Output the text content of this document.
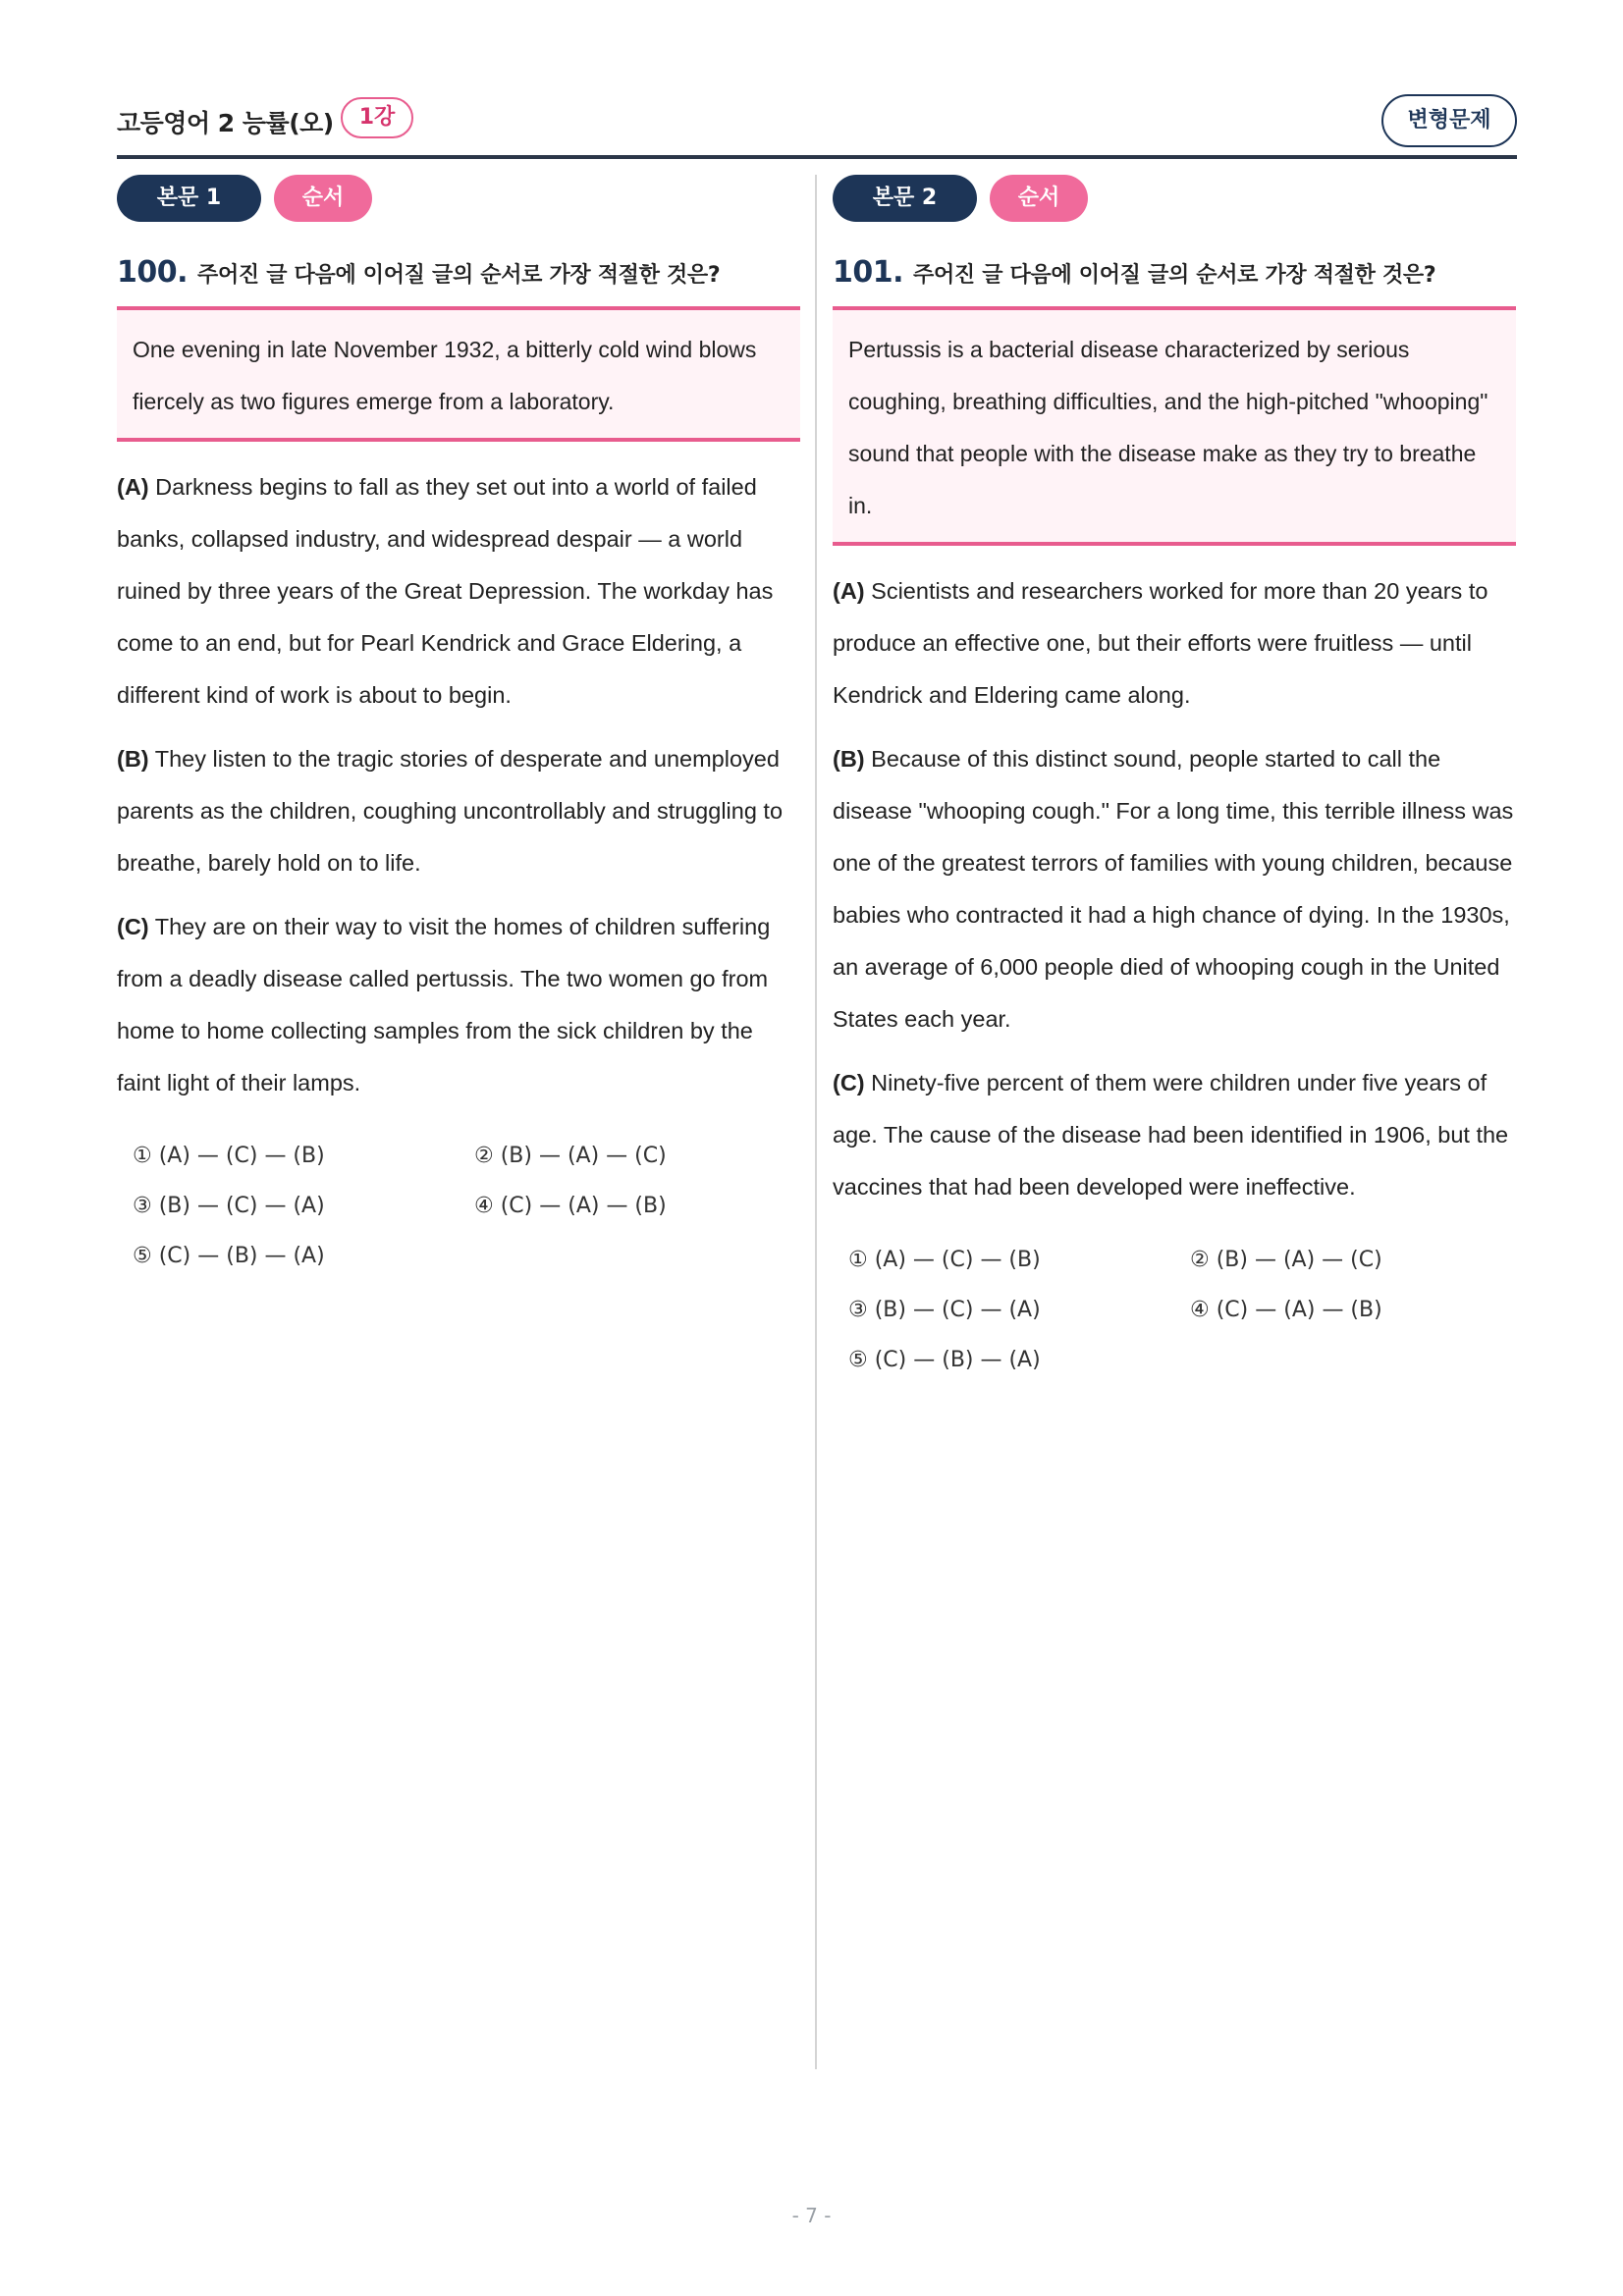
고등영어 2 능률(오)	1강	변형문제
본문 1	순서
100. 주어진 글 다음에 이어질 글의 순서로 가장 적절한 것은?
One evening in late November 1932, a bitterly cold wind blows fiercely as two figures emerge from a laboratory.

(A) Darkness begins to fall as they set out into a world of failed banks, collapsed industry, and widespread despair — a world ruined by three years of the Great Depression. The workday has come to an end, but for Pearl Kendrick and Grace Eldering, a different kind of work is about to begin.

(B) They listen to the tragic stories of desperate and unemployed parents as the children, coughing uncontrollably and struggling to breathe, barely hold on to life.

(C) They are on their way to visit the homes of children suffering from a deadly disease called pertussis. The two women go from home to home collecting samples from the sick children by the faint light of their lamps.

① (A) — (C) — (B)	② (B) — (A) — (C)
③ (B) — (C) — (A)	④ (C) — (A) — (B)
⑤ (C) — (B) — (A)
본문 2	순서
101. 주어진 글 다음에 이어질 글의 순서로 가장 적절한 것은?
Pertussis is a bacterial disease characterized by serious coughing, breathing difficulties, and the high-pitched "whooping" sound that people with the disease make as they try to breathe in.

(A) Scientists and researchers worked for more than 20 years to produce an effective one, but their efforts were fruitless — until Kendrick and Eldering came along.

(B) Because of this distinct sound, people started to call the disease "whooping cough." For a long time, this terrible illness was one of the greatest terrors of families with young children, because babies who contracted it had a high chance of dying. In the 1930s, an average of 6,000 people died of whooping cough in the United States each year.

(C) Ninety-five percent of them were children under five years of age. The cause of the disease had been identified in 1906, but the vaccines that had been developed were ineffective.

① (A) — (C) — (B)	② (B) — (A) — (C)
③ (B) — (C) — (A)	④ (C) — (A) — (B)
⑤ (C) — (B) — (A)
- 7 -
